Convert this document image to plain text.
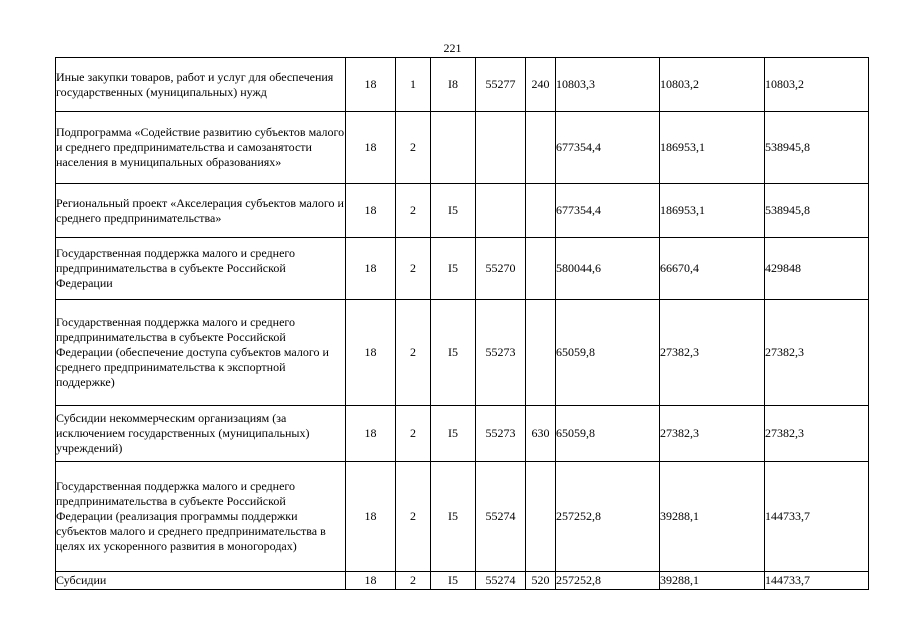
221
Иные закупки товаров, работ и услуг для обеспечения государственных (муниципальных) нужд	18	1	I8	55277	240	10803,3	10803,2	10803,2
Подпрограмма «Содействие развитию субъектов малого и среднего предпринимательства и самозанятости населения в муниципальных образованиях»	18	2				677354,4	186953,1	538945,8
Региональный проект «Акселерация субъектов малого и среднего предпринимательства»	18	2	I5			677354,4	186953,1	538945,8
Государственная поддержка малого и среднего предпринимательства в субъекте Российской Федерации	18	2	I5	55270		580044,6	66670,4	429848
Государственная поддержка малого и среднего предпринимательства в субъекте Российской Федерации (обеспечение доступа субъектов малого и среднего предпринимательства к экспортной поддержке)	18	2	I5	55273		65059,8	27382,3	27382,3
Субсидии некоммерческим организациям (за исключением государственных (муниципальных) учреждений)	18	2	I5	55273	630	65059,8	27382,3	27382,3
Государственная поддержка малого и среднего предпринимательства в субъекте Российской Федерации (реализация программы поддержки субъектов малого и среднего предпринимательства в целях их ускоренного развития в моногородах)	18	2	I5	55274		257252,8	39288,1	144733,7
Субсидии	18	2	I5	55274	520	257252,8	39288,1	144733,7
